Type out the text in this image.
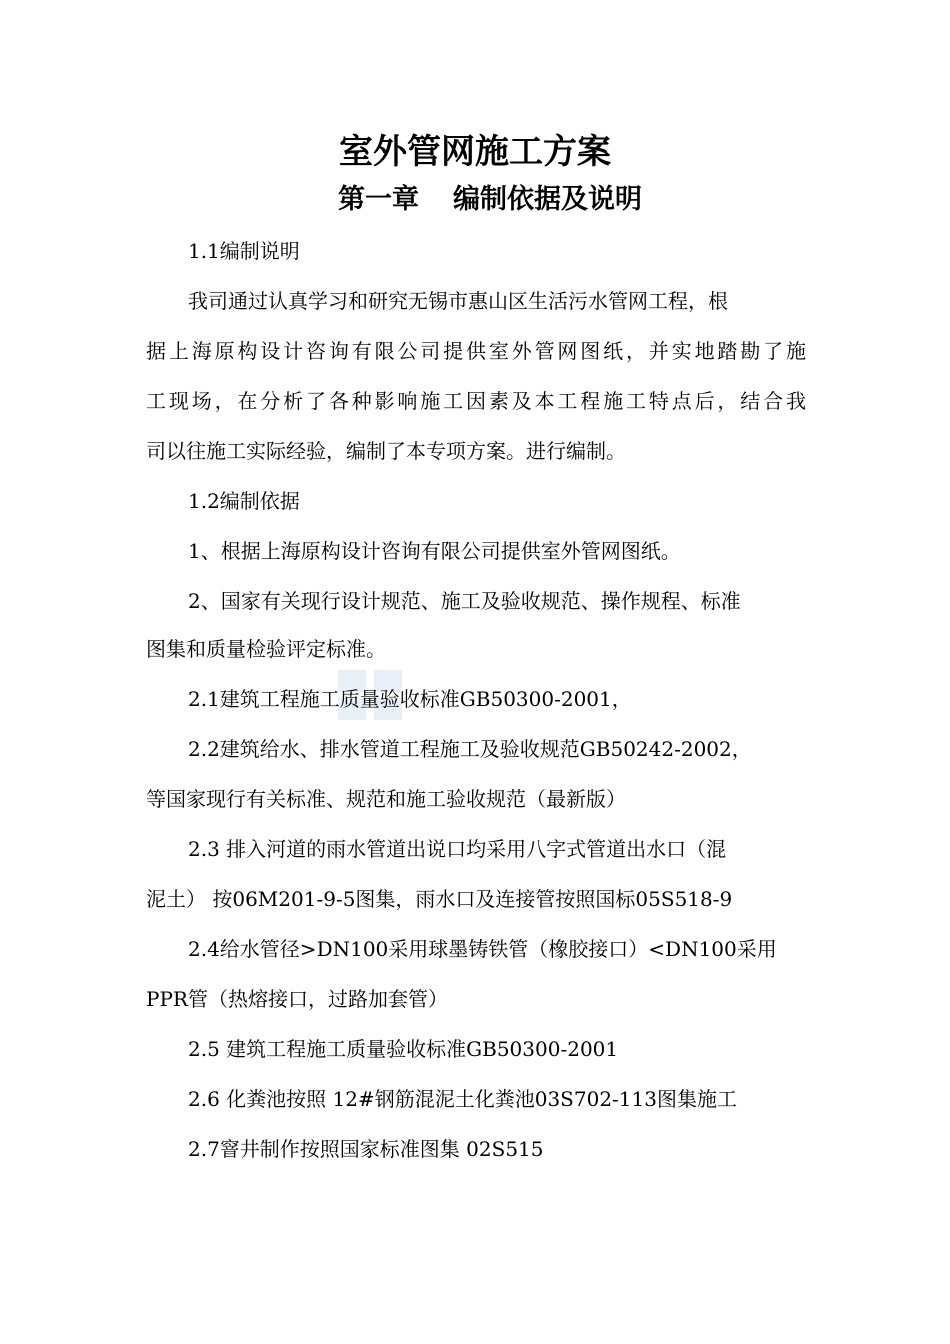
室外管网施工方案
第一章 编制依据及说明
1.1编制说明
我司通过认真学习和研究无锡市惠山区生活污水管网工程，根
据上海原构设计咨询有限公司提供室外管网图纸，并实地踏勘了施
工现场，在分析了各种影响施工因素及本工程施工特点后，结合我
司以往施工实际经验，编制了本专项方案。进行编制。
1.2编制依据
1、根据上海原构设计咨询有限公司提供室外管网图纸。
2、国家有关现行设计规范、施工及验收规范、操作规程、标准
图集和质量检验评定标准。
2.1建筑工程施工质量验收标准GB50300-2001，
2.2建筑给水、排水管道工程施工及验收规范GB50242-2002，
等国家现行有关标准、规范和施工验收规范（最新版）
2.3 排入河道的雨水管道出说口均采用八字式管道出水口（混
泥土） 按06M201-9-5图集，雨水口及连接管按照国标05S518-9
2.4给水管径>DN100采用球墨铸铁管（橡胶接口）<DN100采用
PPR管（热熔接口，过路加套管）
2.5 建筑工程施工质量验收标准GB50300-2001
2.6 化粪池按照 12#钢筋混泥土化粪池03S702-113图集施工
2.7窨井制作按照国家标准图集 02S515
